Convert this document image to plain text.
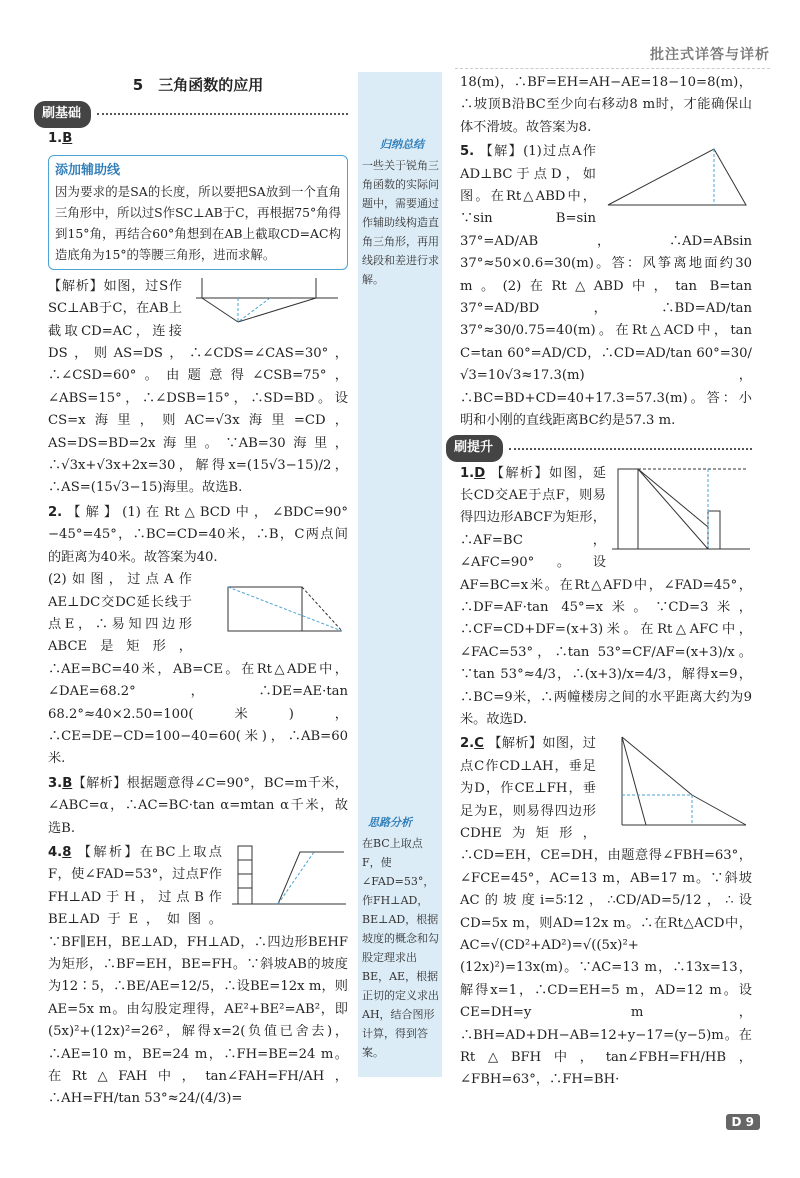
批注式详答与详析
归纳总结
一些关于锐角三角函数的实际问题中，需要通过作辅助线构造直角三角形，再用线段和差进行求解。
思路分析
在BC上取点F，使∠FAD=53°，作FH⊥AD，BE⊥AD，根据坡度的概念和勾股定理求出BE，AE，根据正切的定义求出AH，结合图形计算，得到答案。
5　三角函数的应用
刷基础

1.B

添加辅助线
因为要求的是SA的长度，所以要把SA放到一个直角三角形中，所以过S作SC⊥AB于C，再根据75°角得到15°角，再结合60°角想到在AB上截取CD=AC构造底角为15°的等腰三角形，进而求解。

【解析】如图，过S作SC⊥AB于C，在AB上截取CD=AC，连接DS，则AS=DS，∴∠CDS=∠CAS=30°，∴∠CSD=60°。由题意得∠CSB=75°，∠ABS=15°，∴∠DSB=15°，∴SD=BD。设CS=x海里，则AC=√3x海里=CD，AS=DS=BD=2x海里。∵AB=30海里，∴√3x+√3x+2x=30，解得x=(15√3−15)/2，∴AS=(15√3−15)海里。故选B.

2.【解】(1)在Rt△BCD中，∠BDC=90°−45°=45°，∴BC=CD=40米，∴B，C两点间的距离为40米。故答案为40.

(2)如图，过点A作AE⊥DC交DC延长线于点E，∴易知四边形ABCE是矩形，∴AE=BC=40米，AB=CE。在Rt△ADE中，∠DAE=68.2°，∴DE=AE·tan 68.2°≈40×2.50=100(米)，∴CE=DE−CD=100−40=60(米)，∴AB=60米.

3.B【解析】根据题意得∠C=90°，BC=m千米，∠ABC=α，∴AC=BC·tan α=mtan α千米，故选B.

4.8 【解析】在BC上取点F，使∠FAD=53°，过点F作FH⊥AD于H，过点B作BE⊥AD于E，如图。∵BF∥EH，BE⊥AD，FH⊥AD，∴四边形BEHF为矩形，∴BF=EH，BE=FH。∵斜坡AB的坡度为12∶5，∴BE/AE=12/5，∴设BE=12x m，则AE=5x m。由勾股定理得，AE²+BE²=AB²，即(5x)²+(12x)²=26²，解得x=2(负值已舍去)，∴AE=10 m，BE=24 m，∴FH=BE=24 m。在Rt△FAH中，tan∠FAH=FH/AH，∴AH=FH/tan 53°≈24/(4/3)=

18(m)，∴BF=EH=AH−AE=18−10=8(m)，∴坡顶B沿BC至少向右移动8 m时，才能确保山体不滑坡。故答案为8.

5. 【解】(1)过点A作AD⊥BC于点D，如图。在Rt△ABD中，∵sin B=sin 37°=AD/AB，∴AD=ABsin 37°≈50×0.6=30(m)。答：风筝离地面约30 m。(2)在Rt△ABD中，tan B=tan 37°=AD/BD，∴BD=AD/tan 37°≈30/0.75=40(m)。在Rt△ACD中，tan C=tan 60°=AD/CD，∴CD=AD/tan 60°=30/√3=10√3≈17.3(m)，∴BC=BD+CD=40+17.3=57.3(m)。答：小明和小刚的直线距离BC约是57.3 m.

刷提升

1.D 【解析】如图，延长CD交AE于点F，则易得四边形ABCF为矩形，∴AF=BC，∠AFC=90°。设AF=BC=x米。在Rt△AFD中，∠FAD=45°，∴DF=AF·tan 45°=x米。∵CD=3米，∴CF=CD+DF=(x+3)米。在Rt△AFC中，∠FAC=53°，∴tan 53°=CF/AF=(x+3)/x。∵tan 53°≈4/3，∴(x+3)/x=4/3，解得x=9，∴BC=9米，∴两幢楼房之间的水平距离大约为9米。故选D.

2.C 【解析】如图，过点C作CD⊥AH，垂足为D，作CE⊥FH，垂足为E，则易得四边形CDHE为矩形，∴CD=EH，CE=DH，由题意得∠FBH=63°，∠FCE=45°，AC=13 m，AB=17 m。∵斜坡AC的坡度i=5∶12，∴CD/AD=5/12，∴设CD=5x m，则AD=12x m。∴在Rt△ACD中，AC=√(CD²+AD²)=√((5x)²+(12x)²)=13x(m)。∵AC=13 m，∴13x=13，解得x=1，∴CD=EH=5 m，AD=12 m。设CE=DH=y m，∴BH=AD+DH−AB=12+y−17=(y−5)m。在Rt△BFH中，tan∠FBH=FH/HB，∠FBH=63°，∴FH=BH·

D 9
